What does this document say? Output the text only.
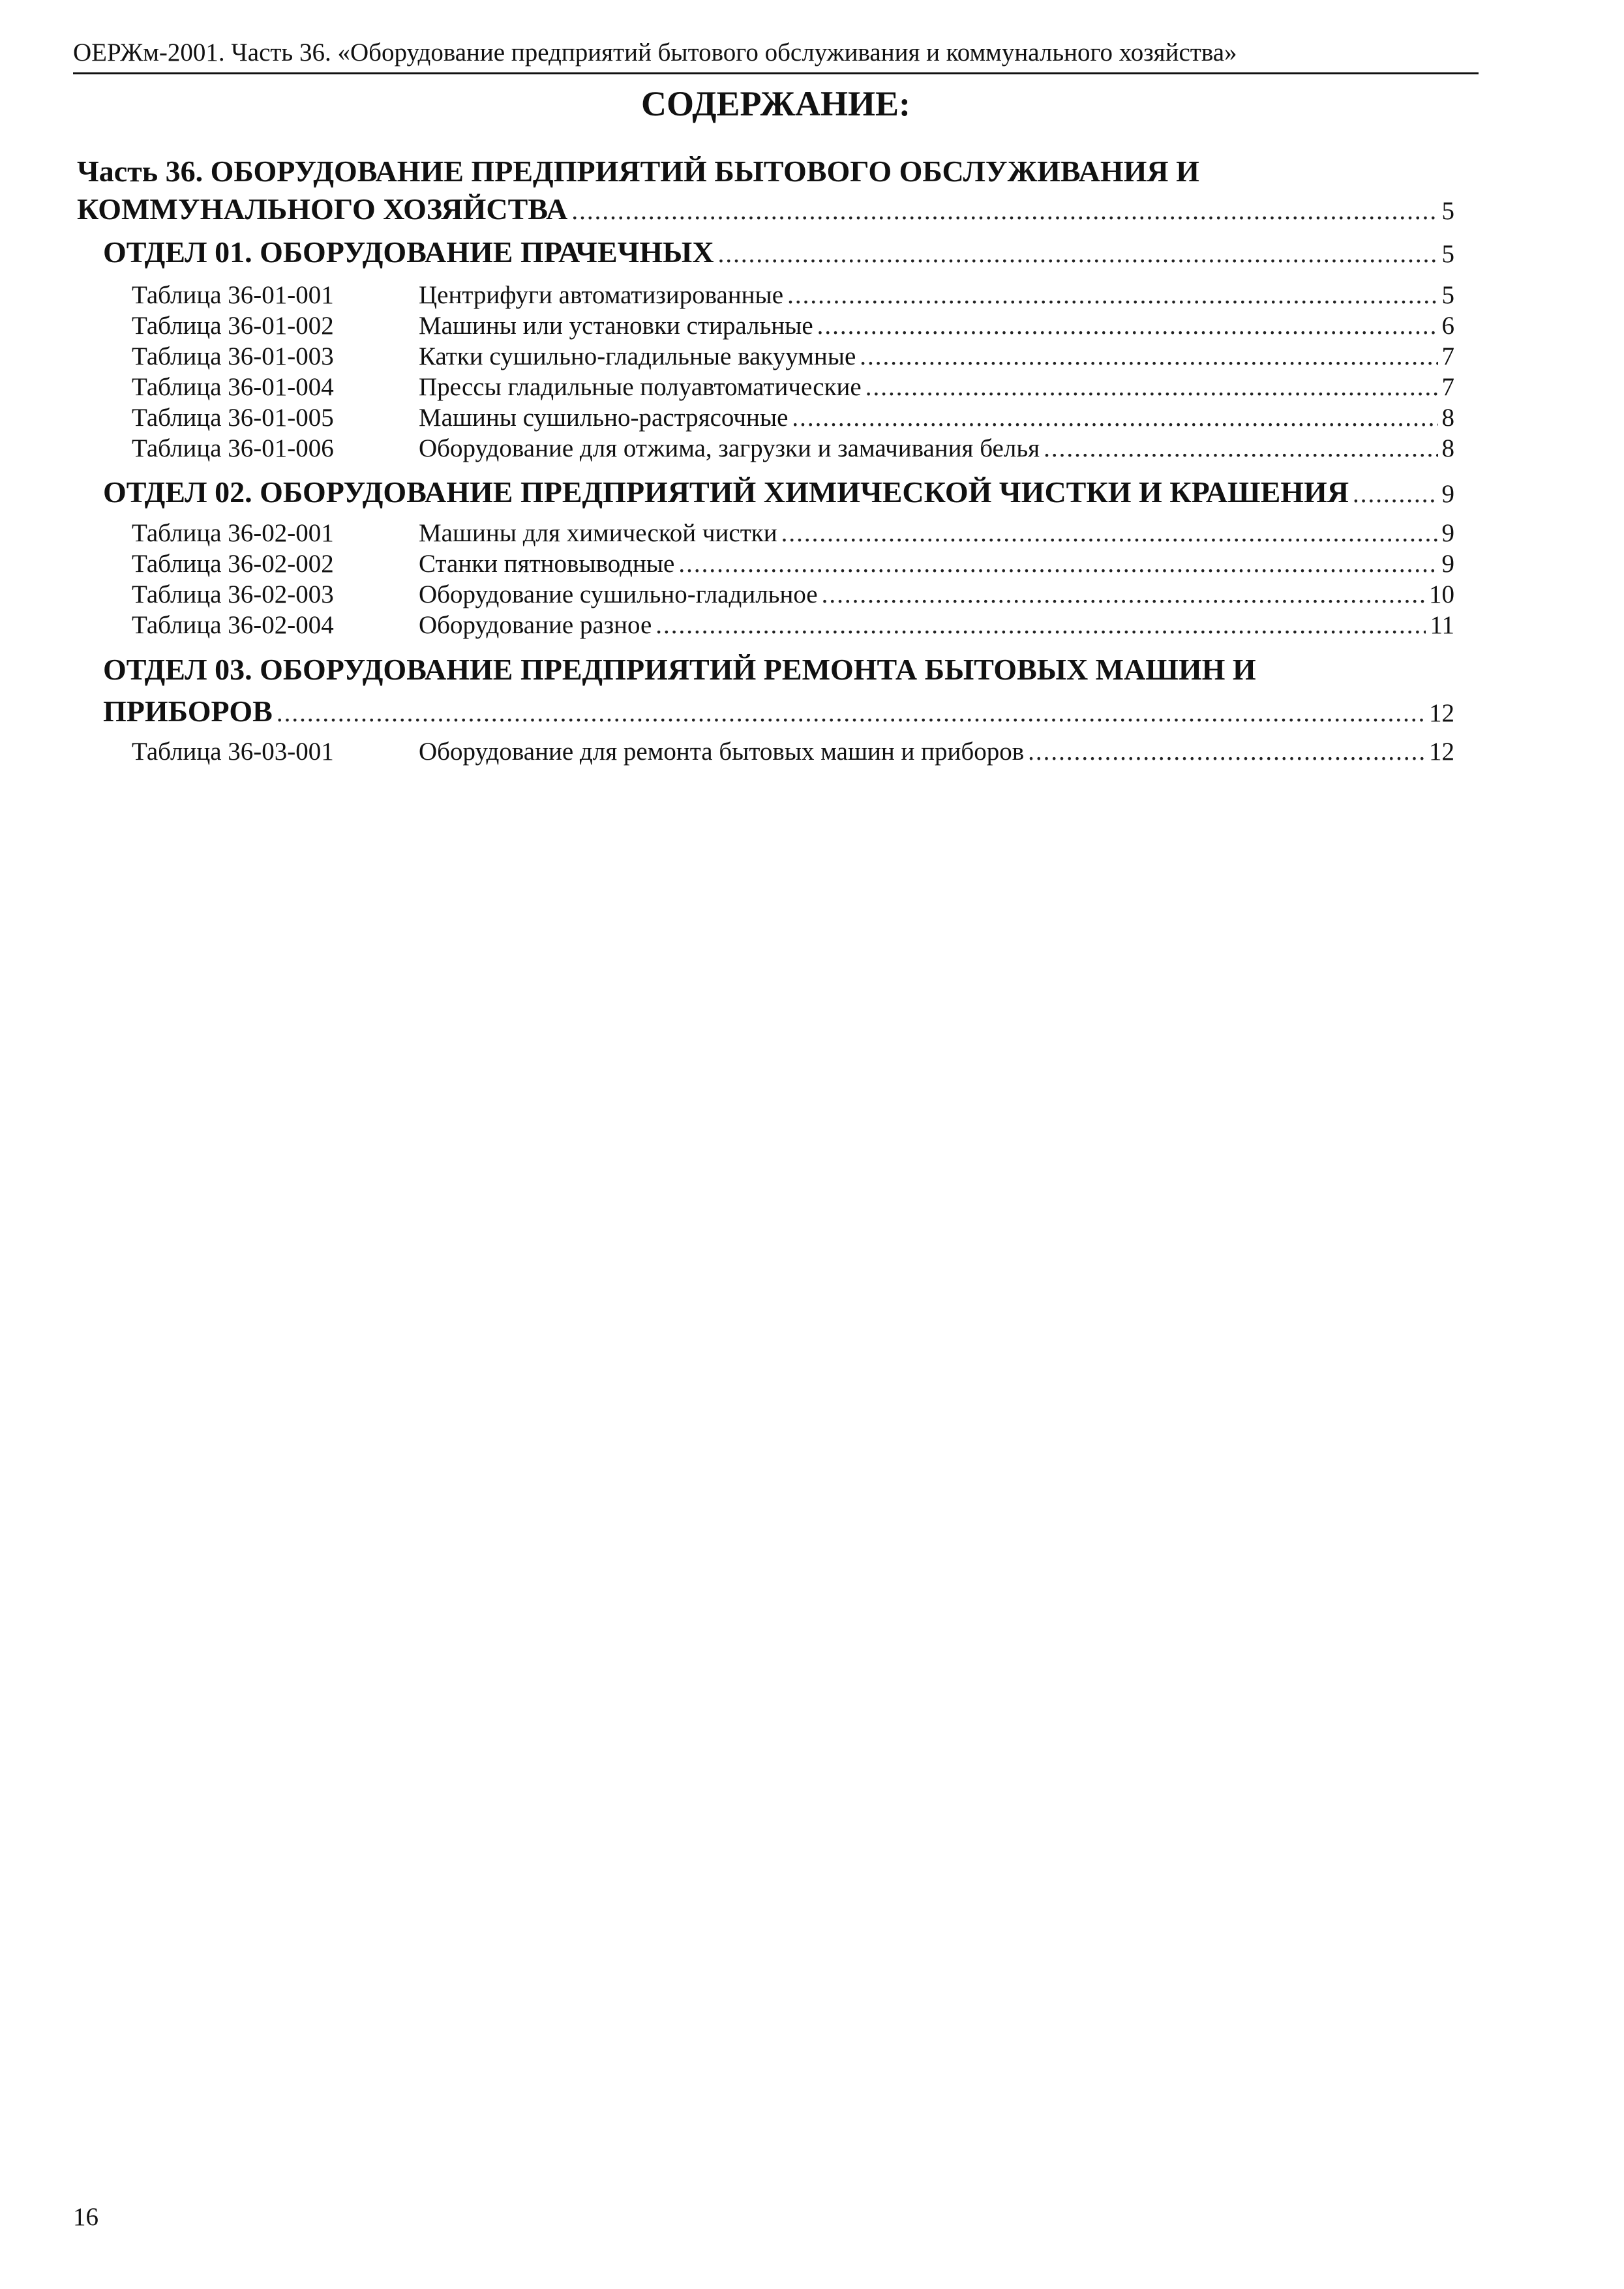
ОЕРЖм-2001. Часть 36. «Оборудование предприятий бытового обслуживания и коммунального хозяйства»
СОДЕРЖАНИЕ:
Часть 36. ОБОРУДОВАНИЕ ПРЕДПРИЯТИЙ БЫТОВОГО ОБСЛУЖИВАНИЯ И
КОММУНАЛЬНОГО ХОЗЯЙСТВА .....	5
ОТДЕЛ 01. ОБОРУДОВАНИЕ ПРАЧЕЧНЫХ .....	5
Таблица 36-01-001	Центрифуги автоматизированные .....	5
Таблица 36-01-002	Машины или установки стиральные .....	6
Таблица 36-01-003	Катки сушильно-гладильные вакуумные .....	7
Таблица 36-01-004	Прессы гладильные полуавтоматические .....	7
Таблица 36-01-005	Машины сушильно-растрясочные .....	8
Таблица 36-01-006	Оборудование для отжима, загрузки и замачивания белья .....	8
ОТДЕЛ 02. ОБОРУДОВАНИЕ ПРЕДПРИЯТИЙ ХИМИЧЕСКОЙ ЧИСТКИ И КРАШЕНИЯ .....	9
Таблица 36-02-001	Машины для химической чистки .....	9
Таблица 36-02-002	Станки пятновыводные .....	9
Таблица 36-02-003	Оборудование сушильно-гладильное .....	10
Таблица 36-02-004	Оборудование разное .....	11
ОТДЕЛ 03. ОБОРУДОВАНИЕ ПРЕДПРИЯТИЙ РЕМОНТА БЫТОВЫХ МАШИН И
ПРИБОРОВ .....	12
Таблица 36-03-001	Оборудование для ремонта бытовых машин и приборов .....	12
16
